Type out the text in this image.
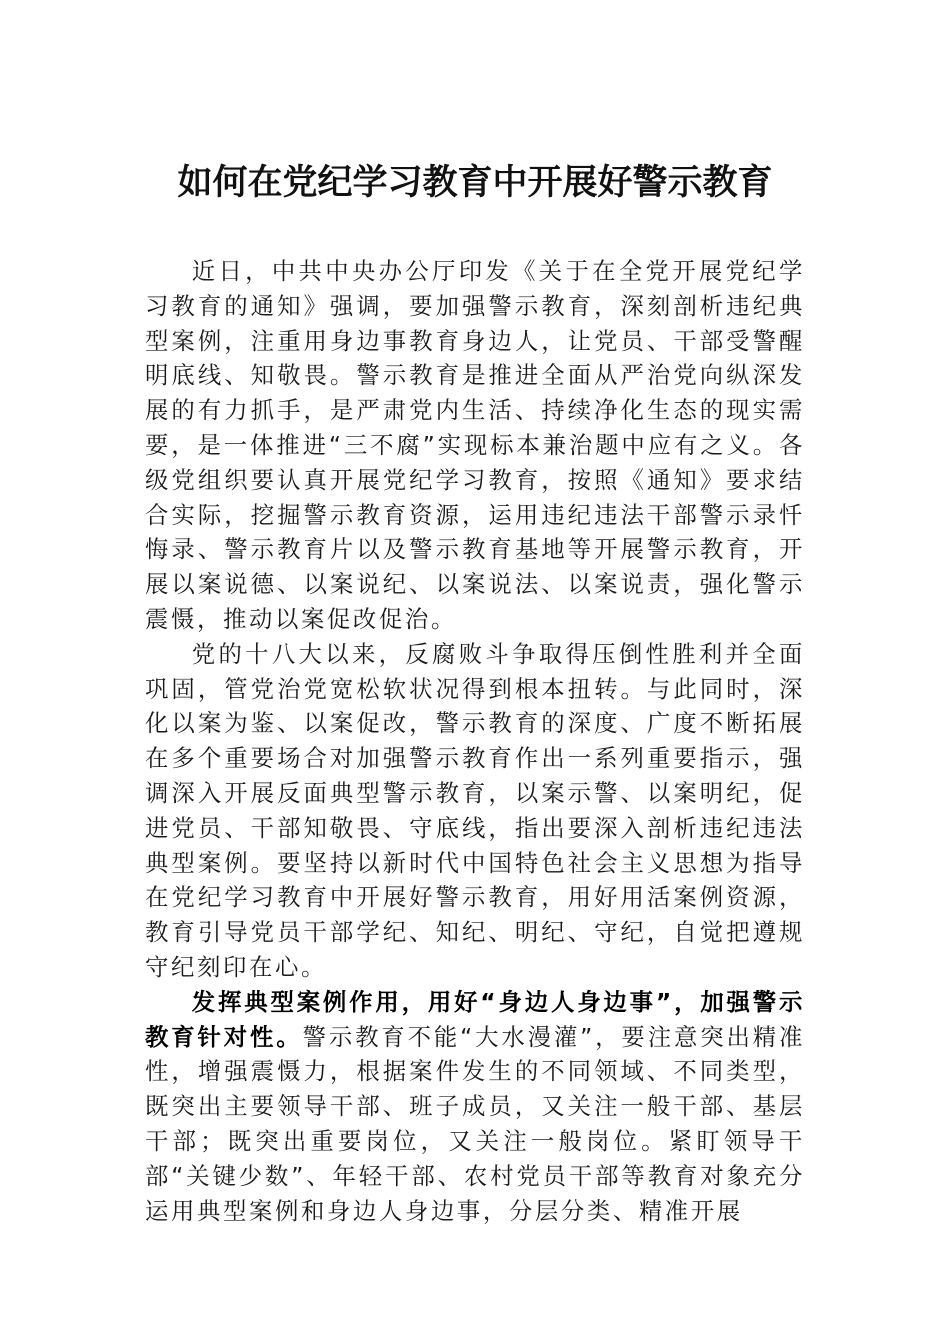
如何在党纪学习教育中开展好警示教育

近日，中共中央办公厅印发《关于在全党开展党纪学习教育的通知》强调，要加强警示教育，深刻剖析违纪典型案例，注重用身边事教育身边人，让党员、干部受警醒明底线、知敬畏。警示教育是推进全面从严治党向纵深发展的有力抓手，是严肃党内生活、持续净化生态的现实需要，是一体推进“三不腐”实现标本兼治题中应有之义。各级党组织要认真开展党纪学习教育，按照《通知》要求结合实际，挖掘警示教育资源，运用违纪违法干部警示录忏悔录、警示教育片以及警示教育基地等开展警示教育，开展以案说德、以案说纪、以案说法、以案说责，强化警示震慑，推动以案促改促治。

党的十八大以来，反腐败斗争取得压倒性胜利并全面巩固，管党治党宽松软状况得到根本扭转。与此同时，深化以案为鉴、以案促改，警示教育的深度、广度不断拓展在多个重要场合对加强警示教育作出一系列重要指示，强调深入开展反面典型警示教育，以案示警、以案明纪，促进党员、干部知敬畏、守底线，指出要深入剖析违纪违法典型案例。要坚持以新时代中国特色社会主义思想为指导在党纪学习教育中开展好警示教育，用好用活案例资源，教育引导党员干部学纪、知纪、明纪、守纪，自觉把遵规守纪刻印在心。

发挥典型案例作用，用好“身边人身边事”，加强警示教育针对性。警示教育不能“大水漫灌”，要注意突出精准性，增强震慑力，根据案件发生的不同领域、不同类型，既突出主要领导干部、班子成员，又关注一般干部、基层干部；既突出重要岗位，又关注一般岗位。紧盯领导干部“关键少数”、年轻干部、农村党员干部等教育对象充分运用典型案例和身边人身边事，分层分类、精准开展
